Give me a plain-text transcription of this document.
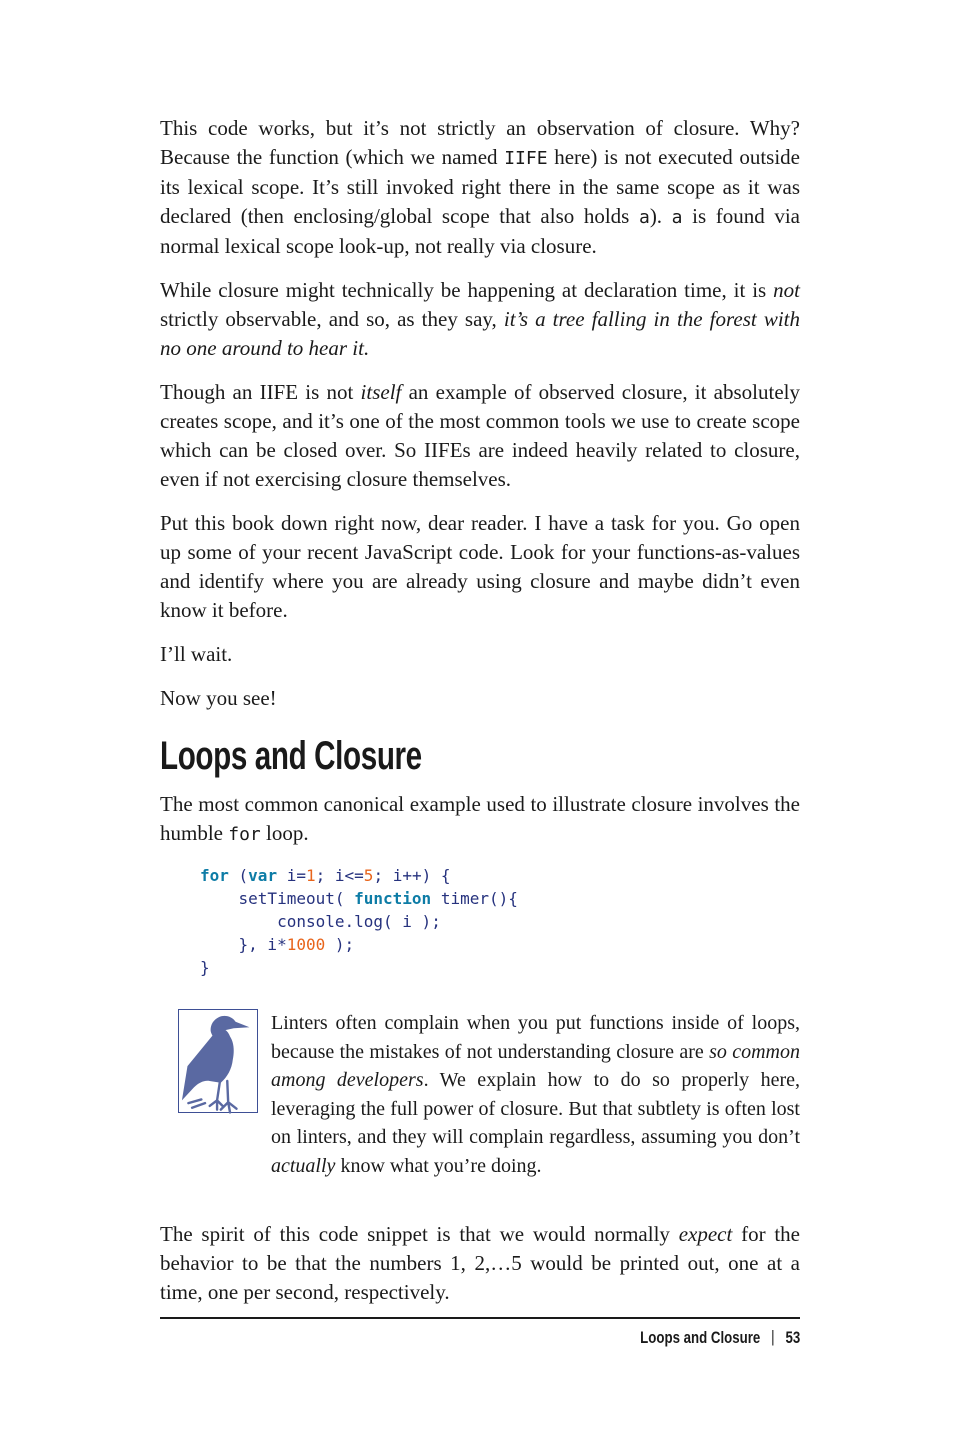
This code works, but it’s not strictly an observation of closure. Why? Because the function (which we named IIFE here) is not executed outside its lexical scope. It’s still invoked right there in the same scope as it was declared (then enclosing/global scope that also holds a). a is found via normal lexical scope look-up, not really via closure.

While closure might technically be happening at declaration time, it is not strictly observable, and so, as they say, it’s a tree falling in the forest with no one around to hear it.

Though an IIFE is not itself an example of observed closure, it absolutely creates scope, and it’s one of the most common tools we use to create scope which can be closed over. So IIFEs are indeed heavily related to closure, even if not exercising closure themselves.

Put this book down right now, dear reader. I have a task for you. Go open up some of your recent JavaScript code. Look for your functions-as-values and identify where you are already using closure and maybe didn’t even know it before.

I’ll wait.

Now you see!

Loops and Closure

The most common canonical example used to illustrate closure involves the humble for loop.

for (var i=1; i<=5; i++) {
setTimeout( function timer(){
console.log( i );
}, i*1000 );
}

Linters often complain when you put functions inside of loops, because the mistakes of not understanding closure are so common among developers. We explain how to do so properly here, leveraging the full power of closure. But that subtlety is often lost on linters, and they will complain regardless, assuming you don’t actually know what you’re doing.

The spirit of this code snippet is that we would normally expect for the behavior to be that the numbers 1, 2,…5 would be printed out, one at a time, one per second, respectively.

Loops and Closure | 53
